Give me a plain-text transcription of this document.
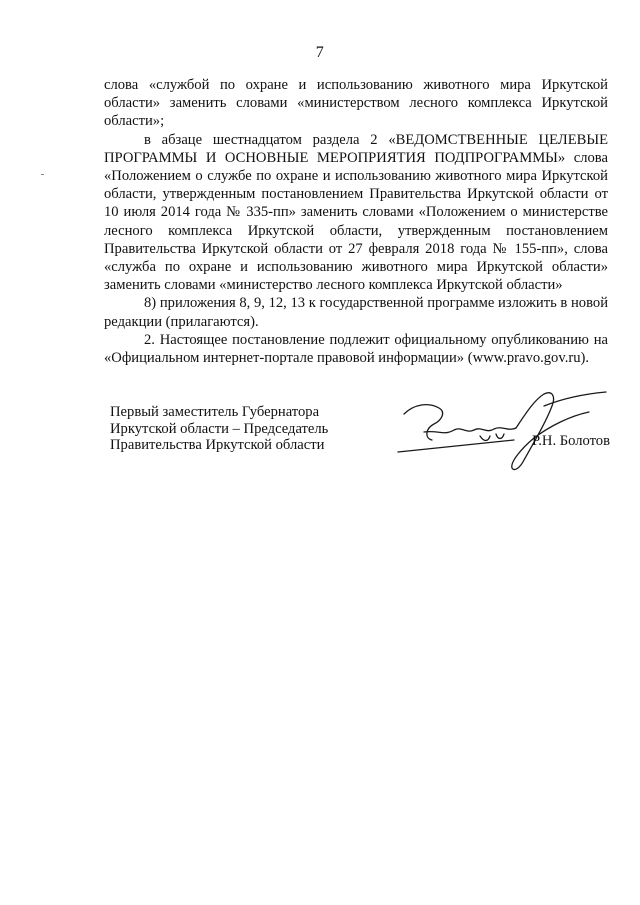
7

слова «службой по охране и использованию животного мира Иркутской области» заменить словами «министерством лесного комплекса Иркутской области»;

в абзаце шестнадцатом раздела 2 «ВЕДОМСТВЕННЫЕ ЦЕЛЕВЫЕ ПРОГРАММЫ И ОСНОВНЫЕ МЕРОПРИЯТИЯ ПОДПРОГРАММЫ» слова «Положением о службе по охране и использованию животного мира Иркутской области, утвержденным постановлением Правительства Иркутской области от 10 июля 2014 года № 335-пп» заменить словами «Положением о министерстве лесного комплекса Иркутской области, утвержденным постановлением Правительства Иркутской области от 27 февраля 2018 года № 155-пп», слова «служба по охране и использованию животного мира Иркутской области» заменить словами «министерство лесного комплекса Иркутской области»

8) приложения 8, 9, 12, 13 к государственной программе изложить в новой редакции (прилагаются).

2. Настоящее постановление подлежит официальному опубликованию на «Официальном интернет-портале правовой информации» (www.pravo.gov.ru).

Первый заместитель Губернатора
Иркутской области – Председатель
Правительства Иркутской области	Р.Н. Болотов
